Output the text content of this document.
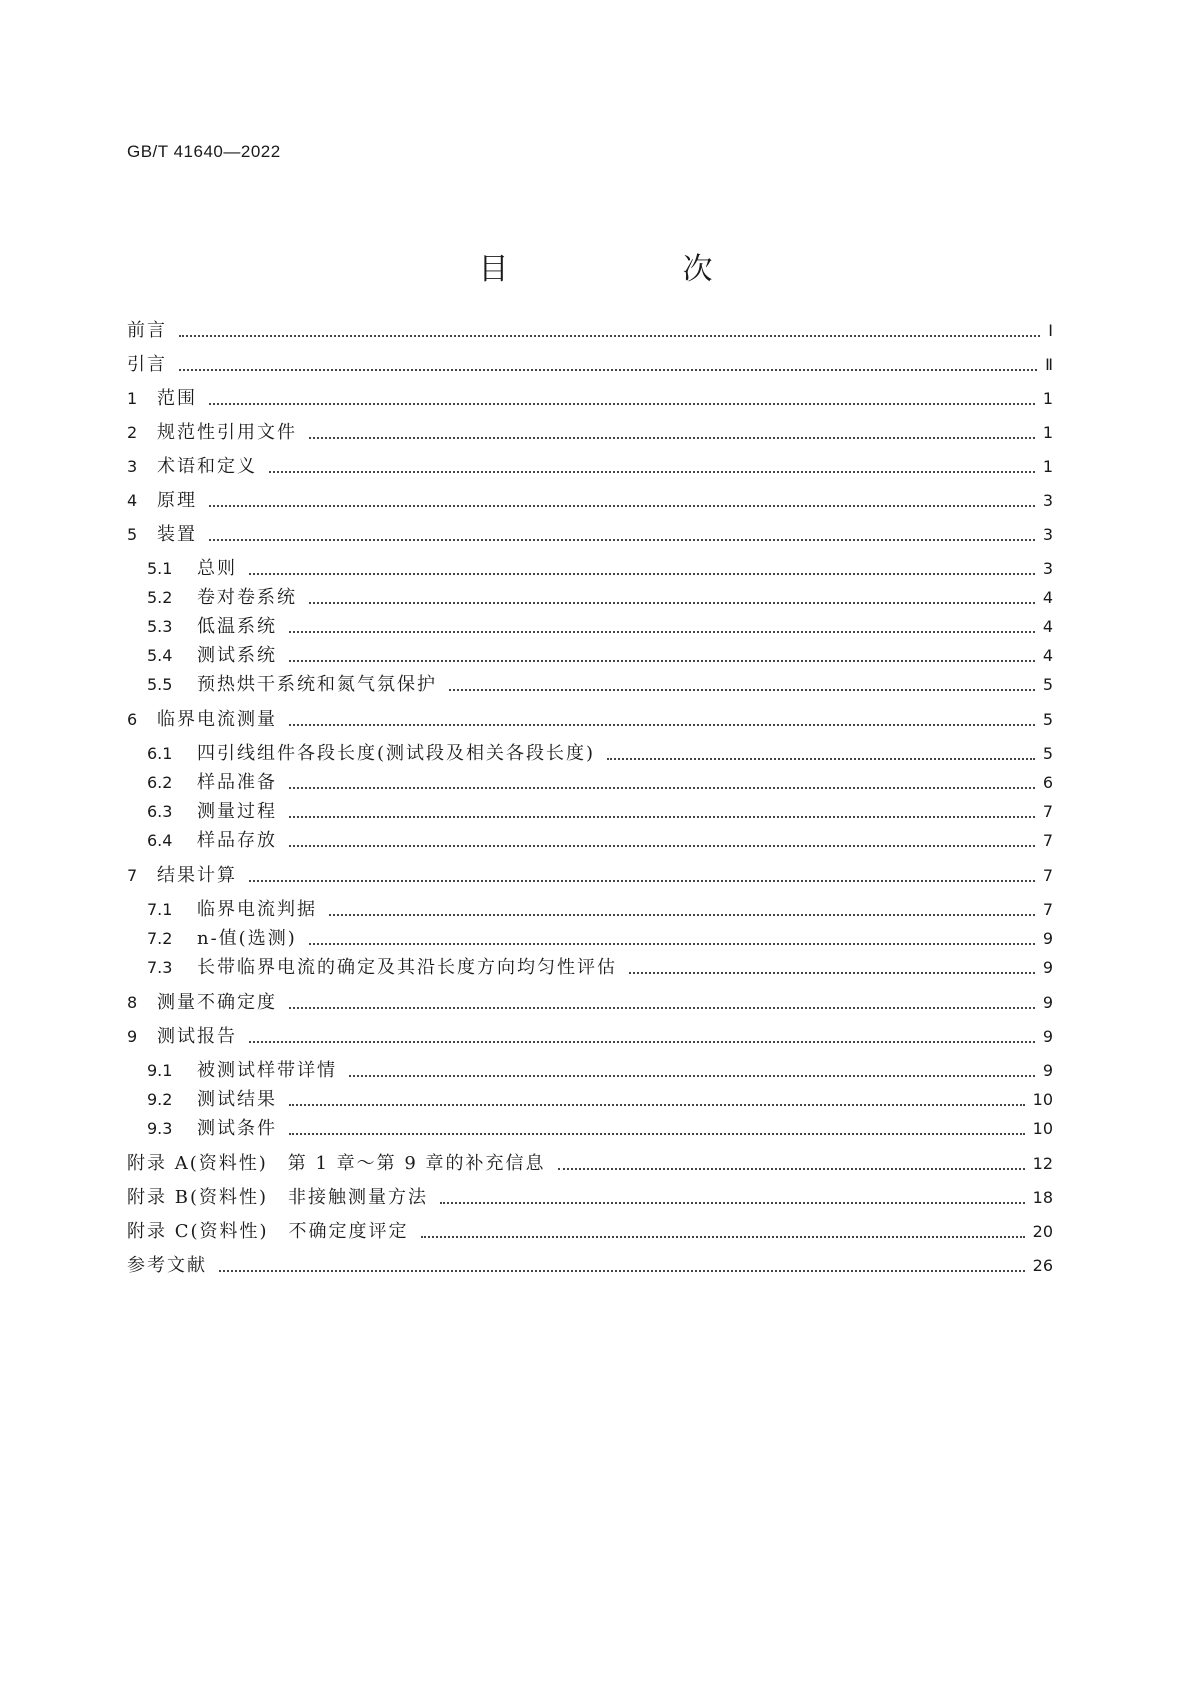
GB/T 41640—2022
目　次
前言	Ⅰ
引言	Ⅱ
1	范围	1
2	规范性引用文件	1
3	术语和定义	1
4	原理	3
5	装置	3
5.1	总则	3
5.2	卷对卷系统	4
5.3	低温系统	4
5.4	测试系统	4
5.5	预热烘干系统和氮气氛保护	5
6	临界电流测量	5
6.1	四引线组件各段长度(测试段及相关各段长度)	5
6.2	样品准备	6
6.3	测量过程	7
6.4	样品存放	7
7	结果计算	7
7.1	临界电流判据	7
7.2	n-值(选测)	9
7.3	长带临界电流的确定及其沿长度方向均匀性评估	9
8	测量不确定度	9
9	测试报告	9
9.1	被测试样带详情	9
9.2	测试结果	10
9.3	测试条件	10
附录 A(资料性)　第 1 章～第 9 章的补充信息	12
附录 B(资料性)　非接触测量方法	18
附录 C(资料性)　不确定度评定	20
参考文献	26
